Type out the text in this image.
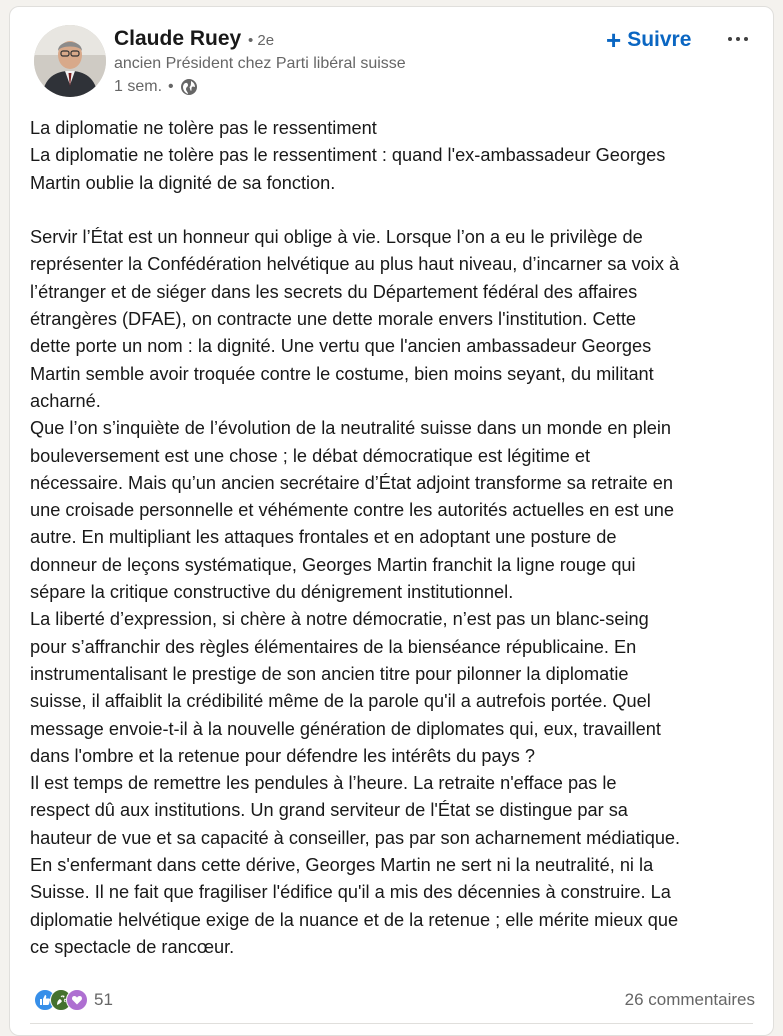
Claude Ruey • 2e
ancien Président chez Parti libéral suisse
1 sem. •
+ Suivre

La diplomatie ne tolère pas le ressentiment

La diplomatie ne tolère pas le ressentiment : quand l'ex-ambassadeur Georges

Martin oublie la dignité de sa fonction.

Servir l’État est un honneur qui oblige à vie. Lorsque l’on a eu le privilège de

représenter la Confédération helvétique au plus haut niveau, d’incarner sa voix à

l’étranger et de siéger dans les secrets du Département fédéral des affaires

étrangères (DFAE), on contracte une dette morale envers l'institution. Cette

dette porte un nom : la dignité. Une vertu que l'ancien ambassadeur Georges

Martin semble avoir troquée contre le costume, bien moins seyant, du militant

acharné.

Que l’on s’inquiète de l’évolution de la neutralité suisse dans un monde en plein

bouleversement est une chose ; le débat démocratique est légitime et

nécessaire. Mais qu’un ancien secrétaire d’État adjoint transforme sa retraite en

une croisade personnelle et véhémente contre les autorités actuelles en est une

autre. En multipliant les attaques frontales et en adoptant une posture de

donneur de leçons systématique, Georges Martin franchit la ligne rouge qui

sépare la critique constructive du dénigrement institutionnel.

La liberté d’expression, si chère à notre démocratie, n’est pas un blanc-seing

pour s’affranchir des règles élémentaires de la bienséance républicaine. En

instrumentalisant le prestige de son ancien titre pour pilonner la diplomatie

suisse, il affaiblit la crédibilité même de la parole qu'il a autrefois portée. Quel

message envoie-t-il à la nouvelle génération de diplomates qui, eux, travaillent

dans l'ombre et la retenue pour défendre les intérêts du pays ?

Il est temps de remettre les pendules à l’heure. La retraite n'efface pas le

respect dû aux institutions. Un grand serviteur de l'État se distingue par sa

hauteur de vue et sa capacité à conseiller, pas par son acharnement médiatique.

En s'enfermant dans cette dérive, Georges Martin ne sert ni la neutralité, ni la

Suisse. Il ne fait que fragiliser l'édifice qu'il a mis des décennies à construire. La

diplomatie helvétique exige de la nuance et de la retenue ; elle mérite mieux que

ce spectacle de rancœur.

51	26 commentaires
